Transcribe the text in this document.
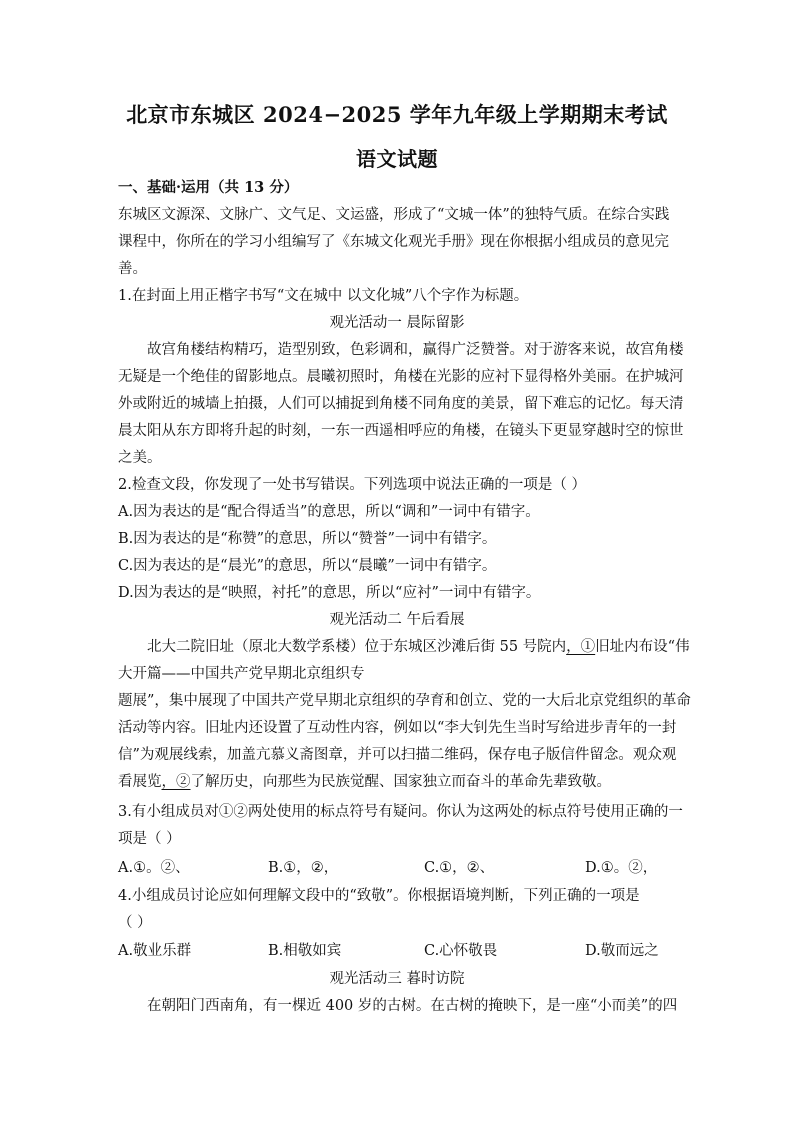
北京市东城区 2024−2025 学年九年级上学期期末考试
语文试题
一、基础·运用（共 13 分）
东城区文源深、文脉广、文气足、文运盛，形成了“文城一体”的独特气质。在综合实践
课程中，你所在的学习小组编写了《东城文化观光手册》现在你根据小组成员的意见完
善。
1.在封面上用正楷字书写“文在城中 以文化城”八个字作为标题。
观光活动一 晨际留影
故宫角楼结构精巧，造型别致，色彩调和，赢得广泛赞誉。对于游客来说，故宫角楼
无疑是一个绝佳的留影地点。晨曦初照时，角楼在光影的应衬下显得格外美丽。在护城河
外或附近的城墙上拍摄，人们可以捕捉到角楼不同角度的美景，留下难忘的记忆。每天清
晨太阳从东方即将升起的时刻，一东一西遥相呼应的角楼，在镜头下更显穿越时空的惊世
之美。
2.检查文段，你发现了一处书写错误。下列选项中说法正确的一项是（ ）
A.因为表达的是“配合得适当”的意思，所以“调和”一词中有错字。
B.因为表达的是“称赞”的意思，所以“赞誉”一词中有错字。
C.因为表达的是“晨光”的意思，所以“晨曦”一词中有错字。
D.因为表达的是“映照，衬托”的意思，所以“应衬”一词中有错字。
观光活动二 午后看展
北大二院旧址（原北大数学系楼）位于东城区沙滩后街 55 号院内，①旧址内布设“伟
大开篇——中国共产党早期北京组织专
题展”，集中展现了中国共产党早期北京组织的孕育和创立、党的一大后北京党组织的革命
活动等内容。旧址内还设置了互动性内容，例如以“李大钊先生当时写给进步青年的一封
信”为观展线索，加盖亢慕义斋图章，并可以扫描二维码，保存电子版信件留念。观众观
看展览，②了解历史，向那些为民族觉醒、国家独立而奋斗的革命先辈致敬。
3.有小组成员对①②两处使用的标点符号有疑问。你认为这两处的标点符号使用正确的一
项是（ ）
A.①。②、	B.①，②，	C.①，②、	D.①。②，
4.小组成员讨论应如何理解文段中的“致敬”。你根据语境判断，下列正确的一项是
（ ）
A.敬业乐群	B.相敬如宾	C.心怀敬畏	D.敬而远之
观光活动三 暮时访院
在朝阳门西南角，有一棵近 400 岁的古树。在古树的掩映下，是一座“小而美”的四
